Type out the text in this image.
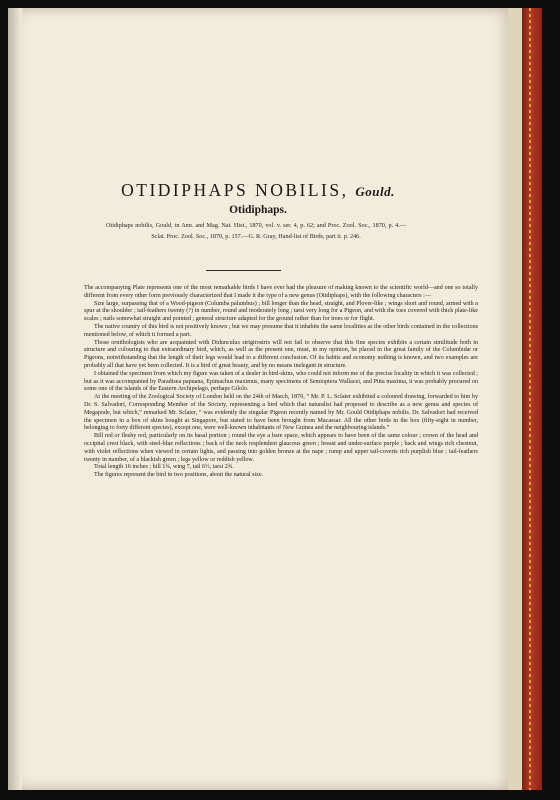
OTIDIPHAPS NOBILIS, Gould.
Otidiphaps.
Otidiphaps nobilis, Gould, in Ann. and Mag. Nat. Hist., 1870, vol. v. ser. 4, p. 62; and Proc. Zool. Soc., 1870, p. 4.—Sclat. Proc. Zool. Soc., 1870, p. 157.—G. R. Gray, Hand-list of Birds, part ii. p. 246.

The accompanying Plate represents one of the most remarkable birds I have ever had the pleasure of making known to the scientific world—and one so totally different from every other form previously characterized that I made it the type of a new genus (Otidiphaps), with the following characters :—

Size large, surpassing that of a Wood-pigeon (Columba palumbus) ; bill longer than the head, straight, and Plover-like ; wings short and round, armed with a spur at the shoulder ; tail-feathers twenty (?) in number, round and moderately long ; tarsi very long for a Pigeon, and with the toes covered with thick plate-like scales ; nails somewhat straight and pointed ; general structure adapted for the ground rather than for trees or for flight.

The native country of this bird is not positively known ; but we may presume that it inhabits the same localities as the other birds contained in the collections mentioned below, of which it formed a part.

Those ornithologists who are acquainted with Didunculus strigirostris will not fail to observe that this fine species exhibits a certain similitude both in structure and colouring to that extraordinary bird, which, as well as the present one, must, in my opinion, be placed in the great family of the Columbidæ or Pigeons, notwithstanding that the length of their legs would lead to a different conclusion. Of its habits and economy nothing is known, and two examples are probably all that have yet been collected. It is a bird of great beauty, and by no means inelegant in structure.

I obtained the specimen from which my figure was taken of a dealer in bird-skins, who could not inform me of the precise locality in which it was collected ; but as it was accompanied by Paradisea papuana, Epimachus maximus, many specimens of Semioptera Wallacei, and Pitta maxima, it was probably procured on some one of the islands of the Eastern Archipelago, perhaps Gilolo.

At the meeting of the Zoological Society of London held on the 24th of March, 1870, “ Mr. P. L. Sclater exhibited a coloured drawing, forwarded to him by Dr. S. Salvadori, Corresponding Member of the Society, representing a bird which that naturalist had proposed to describe as a new genus and species of Megapode, but which,” remarked Mr. Sclater, “ was evidently the singular Pigeon recently named by Mr. Gould Otidiphaps nobilis. Dr. Salvadori had received the specimen in a box of skins bought at Singapore, but stated to have been brought from Macassar. All the other birds in the box (fifty-eight in number, belonging to forty different species), except one, were well-known inhabitants of New Guinea and the neighbouring islands.”

Bill red or fleshy red, particularly on its basal portion ; round the eye a bare space, which appears to have been of the same colour ; crown of the head and occipital crest black, with steel-blue reflections ; back of the neck resplendent glaucous green ; breast and under-surface purple ; back and wings rich chestnut, with violet reflections when viewed in certain lights, and passing into golden bronze at the nape ; rump and upper tail-coverts rich purplish blue ; tail-feathers twenty in number, of a blackish green ; legs yellow or reddish yellow.

Total length 16 inches ; bill 1¾, wing 7, tail 6½, tarsi 2¾.

The figures represent the bird in two positions, about the natural size.
